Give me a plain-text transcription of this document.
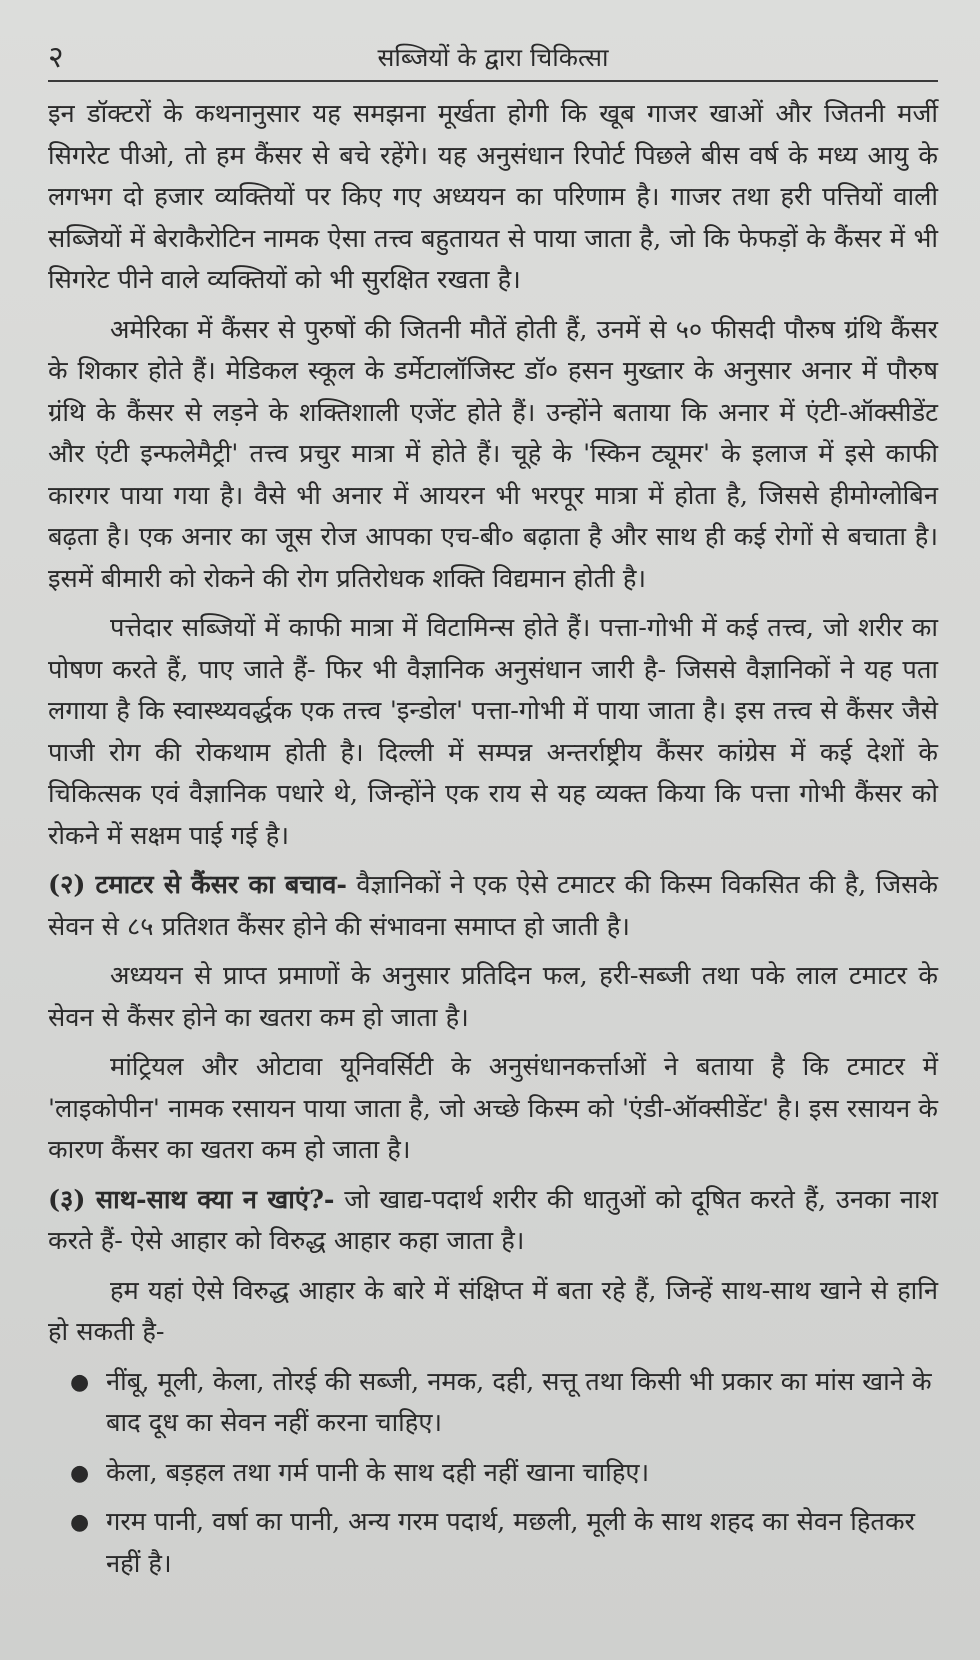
२	सब्जियों के द्वारा चिकित्सा

इन डॉक्टरों के कथनानुसार यह समझना मूर्खता होगी कि खूब गाजर खाओं और जितनी मर्जी सिगरेट पीओ, तो हम कैंसर से बचे रहेंगे। यह अनुसंधान रिपोर्ट पिछले बीस वर्ष के मध्य आयु के लगभग दो हजार व्यक्तियों पर किए गए अध्ययन का परिणाम है। गाजर तथा हरी पत्तियों वाली सब्जियों में बेराकैरोटिन नामक ऐसा तत्त्व बहुतायत से पाया जाता है, जो कि फेफड़ों के कैंसर में भी सिगरेट पीने वाले व्यक्तियों को भी सुरक्षित रखता है।

अमेरिका में कैंसर से पुरुषों की जितनी मौतें होती हैं, उनमें से ५० फीसदी पौरुष ग्रंथि कैंसर के शिकार होते हैं। मेडिकल स्कूल के डर्मेटालॉजिस्ट डॉ० हसन मुख्तार के अनुसार अनार में पौरुष ग्रंथि के कैंसर से लड़ने के शक्तिशाली एजेंट होते हैं। उन्होंने बताया कि अनार में एंटी-ऑक्सीडेंट और एंटी इन्फलेमैट्री' तत्त्व प्रचुर मात्रा में होते हैं। चूहे के 'स्किन ट्यूमर' के इलाज में इसे काफी कारगर पाया गया है। वैसे भी अनार में आयरन भी भरपूर मात्रा में होता है, जिससे हीमोग्लोबिन बढ़ता है। एक अनार का जूस रोज आपका एच-बी० बढ़ाता है और साथ ही कई रोगों से बचाता है। इसमें बीमारी को रोकने की रोग प्रतिरोधक शक्ति विद्यमान होती है।

पत्तेदार सब्जियों में काफी मात्रा में विटामिन्स होते हैं। पत्ता-गोभी में कई तत्त्व, जो शरीर का पोषण करते हैं, पाए जाते हैं- फिर भी वैज्ञानिक अनुसंधान जारी है- जिससे वैज्ञानिकों ने यह पता लगाया है कि स्वास्थ्यवर्द्धक एक तत्त्व 'इन्डोल' पत्ता-गोभी में पाया जाता है। इस तत्त्व से कैंसर जैसे पाजी रोग की रोकथाम होती है। दिल्ली में सम्पन्न अन्तर्राष्ट्रीय कैंसर कांग्रेस में कई देशों के चिकित्सक एवं वैज्ञानिक पधारे थे, जिन्होंने एक राय से यह व्यक्त किया कि पत्ता गोभी कैंसर को रोकने में सक्षम पाई गई है।

(२) टमाटर से कैंसर का बचाव- वैज्ञानिकों ने एक ऐसे टमाटर की किस्म विकसित की है, जिसके सेवन से ८५ प्रतिशत कैंसर होने की संभावना समाप्त हो जाती है।

अध्ययन से प्राप्त प्रमाणों के अनुसार प्रतिदिन फल, हरी-सब्जी तथा पके लाल टमाटर के सेवन से कैंसर होने का खतरा कम हो जाता है।

मांट्रियल और ओटावा यूनिवर्सिटी के अनुसंधानकर्त्ताओं ने बताया है कि टमाटर में 'लाइकोपीन' नामक रसायन पाया जाता है, जो अच्छे किस्म को 'एंडी-ऑक्सीडेंट' है। इस रसायन के कारण कैंसर का खतरा कम हो जाता है।

(३) साथ-साथ क्या न खाएं?- जो खाद्य-पदार्थ शरीर की धातुओं को दूषित करते हैं, उनका नाश करते हैं- ऐसे आहार को विरुद्ध आहार कहा जाता है।

हम यहां ऐसे विरुद्ध आहार के बारे में संक्षिप्त में बता रहे हैं, जिन्हें साथ-साथ खाने से हानि हो सकती है-

● नींबू, मूली, केला, तोरई की सब्जी, नमक, दही, सत्तू तथा किसी भी प्रकार का मांस खाने के बाद दूध का सेवन नहीं करना चाहिए।
● केला, बड़हल तथा गर्म पानी के साथ दही नहीं खाना चाहिए।
● गरम पानी, वर्षा का पानी, अन्य गरम पदार्थ, मछली, मूली के साथ शहद का सेवन हितकर नहीं है।
